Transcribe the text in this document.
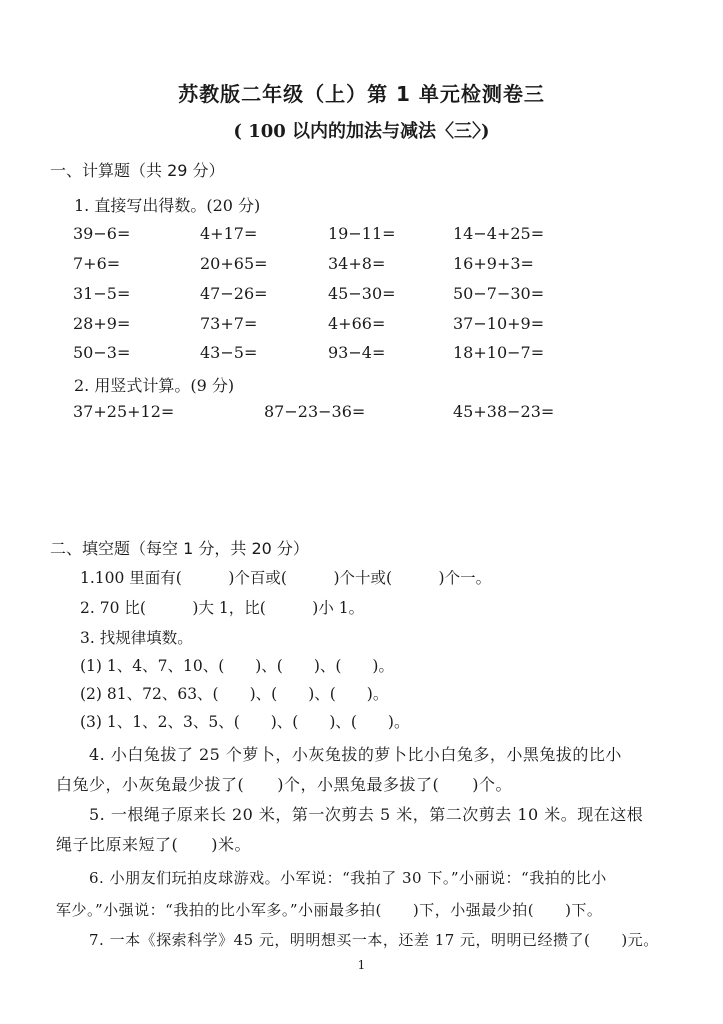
苏教版二年级（上）第 1 单元检测卷三
( 100 以内的加法与减法〈三〉)
一、计算题（共 29 分）
1. 直接写出得数。(20 分)
39−6=	4+17=	19−11=	14−4+25=
7+6=	20+65=	34+8=	16+9+3=
31−5=	47−26=	45−30=	50−7−30=
28+9=	73+7=	4+66=	37−10+9=
50−3=	43−5=	93−4=	18+10−7=
2. 用竖式计算。(9 分)
37+25+12=	87−23−36=	45+38−23=
二、填空题（每空 1 分，共 20 分）
1.100 里面有(　　　)个百或(　　　)个十或(　　　)个一。
2. 70 比(　　　)大 1，比(　　　)小 1。
3. 找规律填数。
(1) 1、4、7、10、(　　)、(　　)、(　　)。
(2) 81、72、63、(　　)、(　　)、(　　)。
(3) 1、1、2、3、5、(　　)、(　　)、(　　)。
4. 小白兔拔了 25 个萝卜，小灰兔拔的萝卜比小白兔多，小黑兔拔的比小
白兔少，小灰兔最少拔了(　　)个，小黑兔最多拔了(　　)个。
5. 一根绳子原来长 20 米，第一次剪去 5 米，第二次剪去 10 米。现在这根
绳子比原来短了(　　)米。
6. 小朋友们玩拍皮球游戏。小军说：“我拍了 30 下。”小丽说：“我拍的比小
军少。”小强说：“我拍的比小军多。”小丽最多拍(　　)下，小强最少拍(　　)下。
7. 一本《探索科学》45 元，明明想买一本，还差 17 元，明明已经攒了(　　)元。
1
